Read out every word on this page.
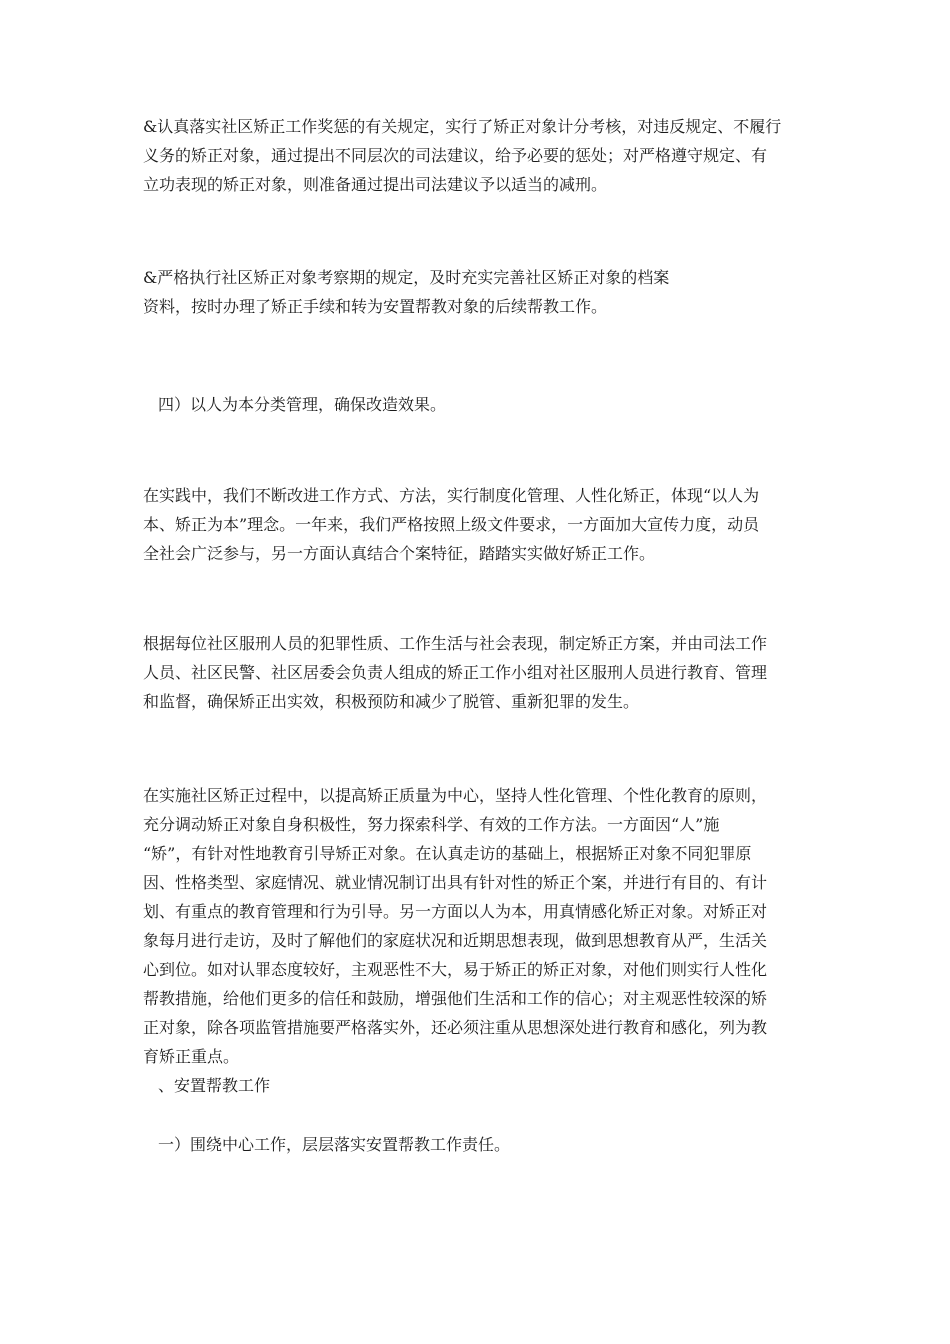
&认真落实社区矫正工作奖惩的有关规定，实行了矫正对象计分考核，对违反规定、不履行
义务的矫正对象，通过提出不同层次的司法建议，给予必要的惩处；对严格遵守规定、有
立功表现的矫正对象，则准备通过提出司法建议予以适当的减刑。
&严格执行社区矫正对象考察期的规定，及时充实完善社区矫正对象的档案
资料，按时办理了矫正手续和转为安置帮教对象的后续帮教工作。
四）以人为本分类管理，确保改造效果。
在实践中，我们不断改进工作方式、方法，实行制度化管理、人性化矫正，体现“以人为
本、矫正为本”理念。一年来，我们严格按照上级文件要求，一方面加大宣传力度，动员
全社会广泛参与，另一方面认真结合个案特征，踏踏实实做好矫正工作。
根据每位社区服刑人员的犯罪性质、工作生活与社会表现，制定矫正方案，并由司法工作
人员、社区民警、社区居委会负责人组成的矫正工作小组对社区服刑人员进行教育、管理
和监督，确保矫正出实效，积极预防和减少了脱管、重新犯罪的发生。
在实施社区矫正过程中，以提高矫正质量为中心，坚持人性化管理、个性化教育的原则，
充分调动矫正对象自身积极性，努力探索科学、有效的工作方法。一方面因“人”施
“矫”，有针对性地教育引导矫正对象。在认真走访的基础上，根据矫正对象不同犯罪原
因、性格类型、家庭情况、就业情况制订出具有针对性的矫正个案，并进行有目的、有计
划、有重点的教育管理和行为引导。另一方面以人为本，用真情感化矫正对象。对矫正对
象每月进行走访，及时了解他们的家庭状况和近期思想表现，做到思想教育从严，生活关
心到位。如对认罪态度较好，主观恶性不大，易于矫正的矫正对象，对他们则实行人性化
帮教措施，给他们更多的信任和鼓励，增强他们生活和工作的信心；对主观恶性较深的矫
正对象，除各项监管措施要严格落实外，还必须注重从思想深处进行教育和感化，列为教
育矫正重点。
、安置帮教工作
一）围绕中心工作，层层落实安置帮教工作责任。
